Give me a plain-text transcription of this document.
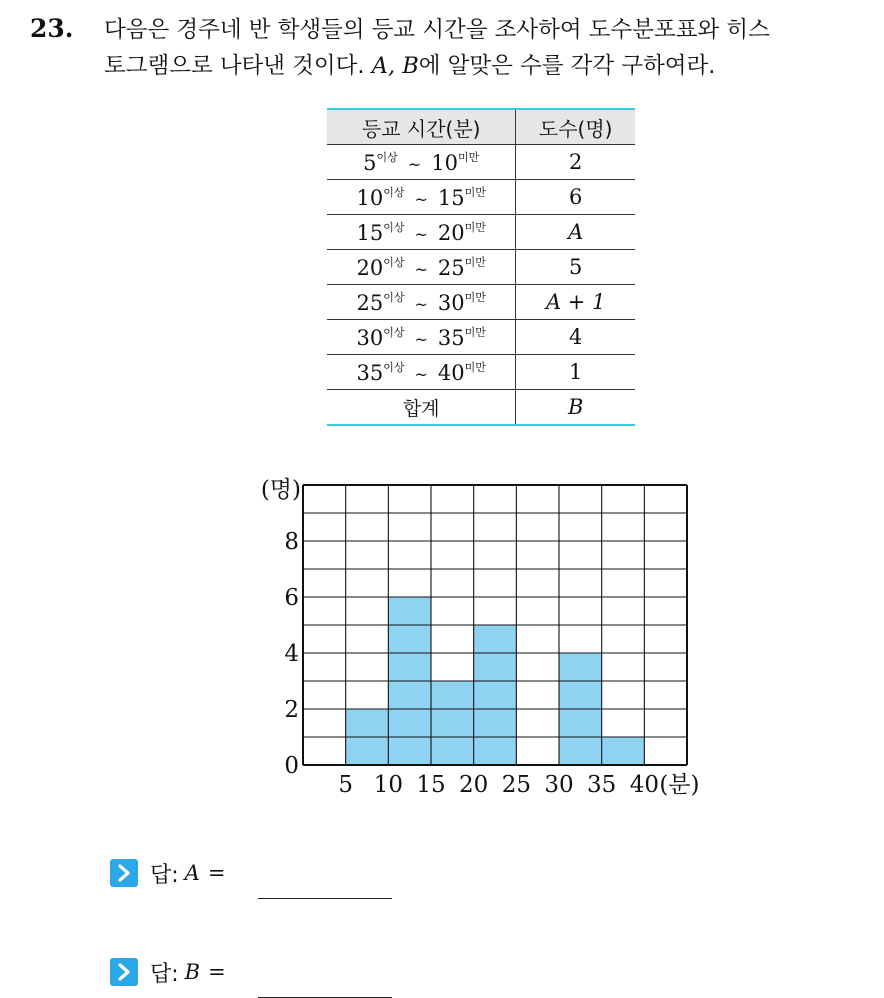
23. 다음은 경주네 반 학생들의 등교 시간을 조사하여 도수분포표와 히스
토그램으로 나타낸 것이다. A, B에 알맞은 수를 각각 구하여라.
등교 시간(분)	도수(명)
$5^{이상}$ ~ $10^{미만}$	2
$10^{이상}$ ~ $15^{미만}$	6
$15^{이상}$ ~ $20^{미만}$	A
$20^{이상}$ ~ $25^{미만}$	5
$25^{이상}$ ~ $30^{미만}$	A + 1
$30^{이상}$ ~ $35^{미만}$	4
$35^{이상}$ ~ $40^{미만}$	1
합계	B
0
2
4
6
8
5 10 15 20 25 30 35 40
(명)
(분)
답: A =
답: B =
